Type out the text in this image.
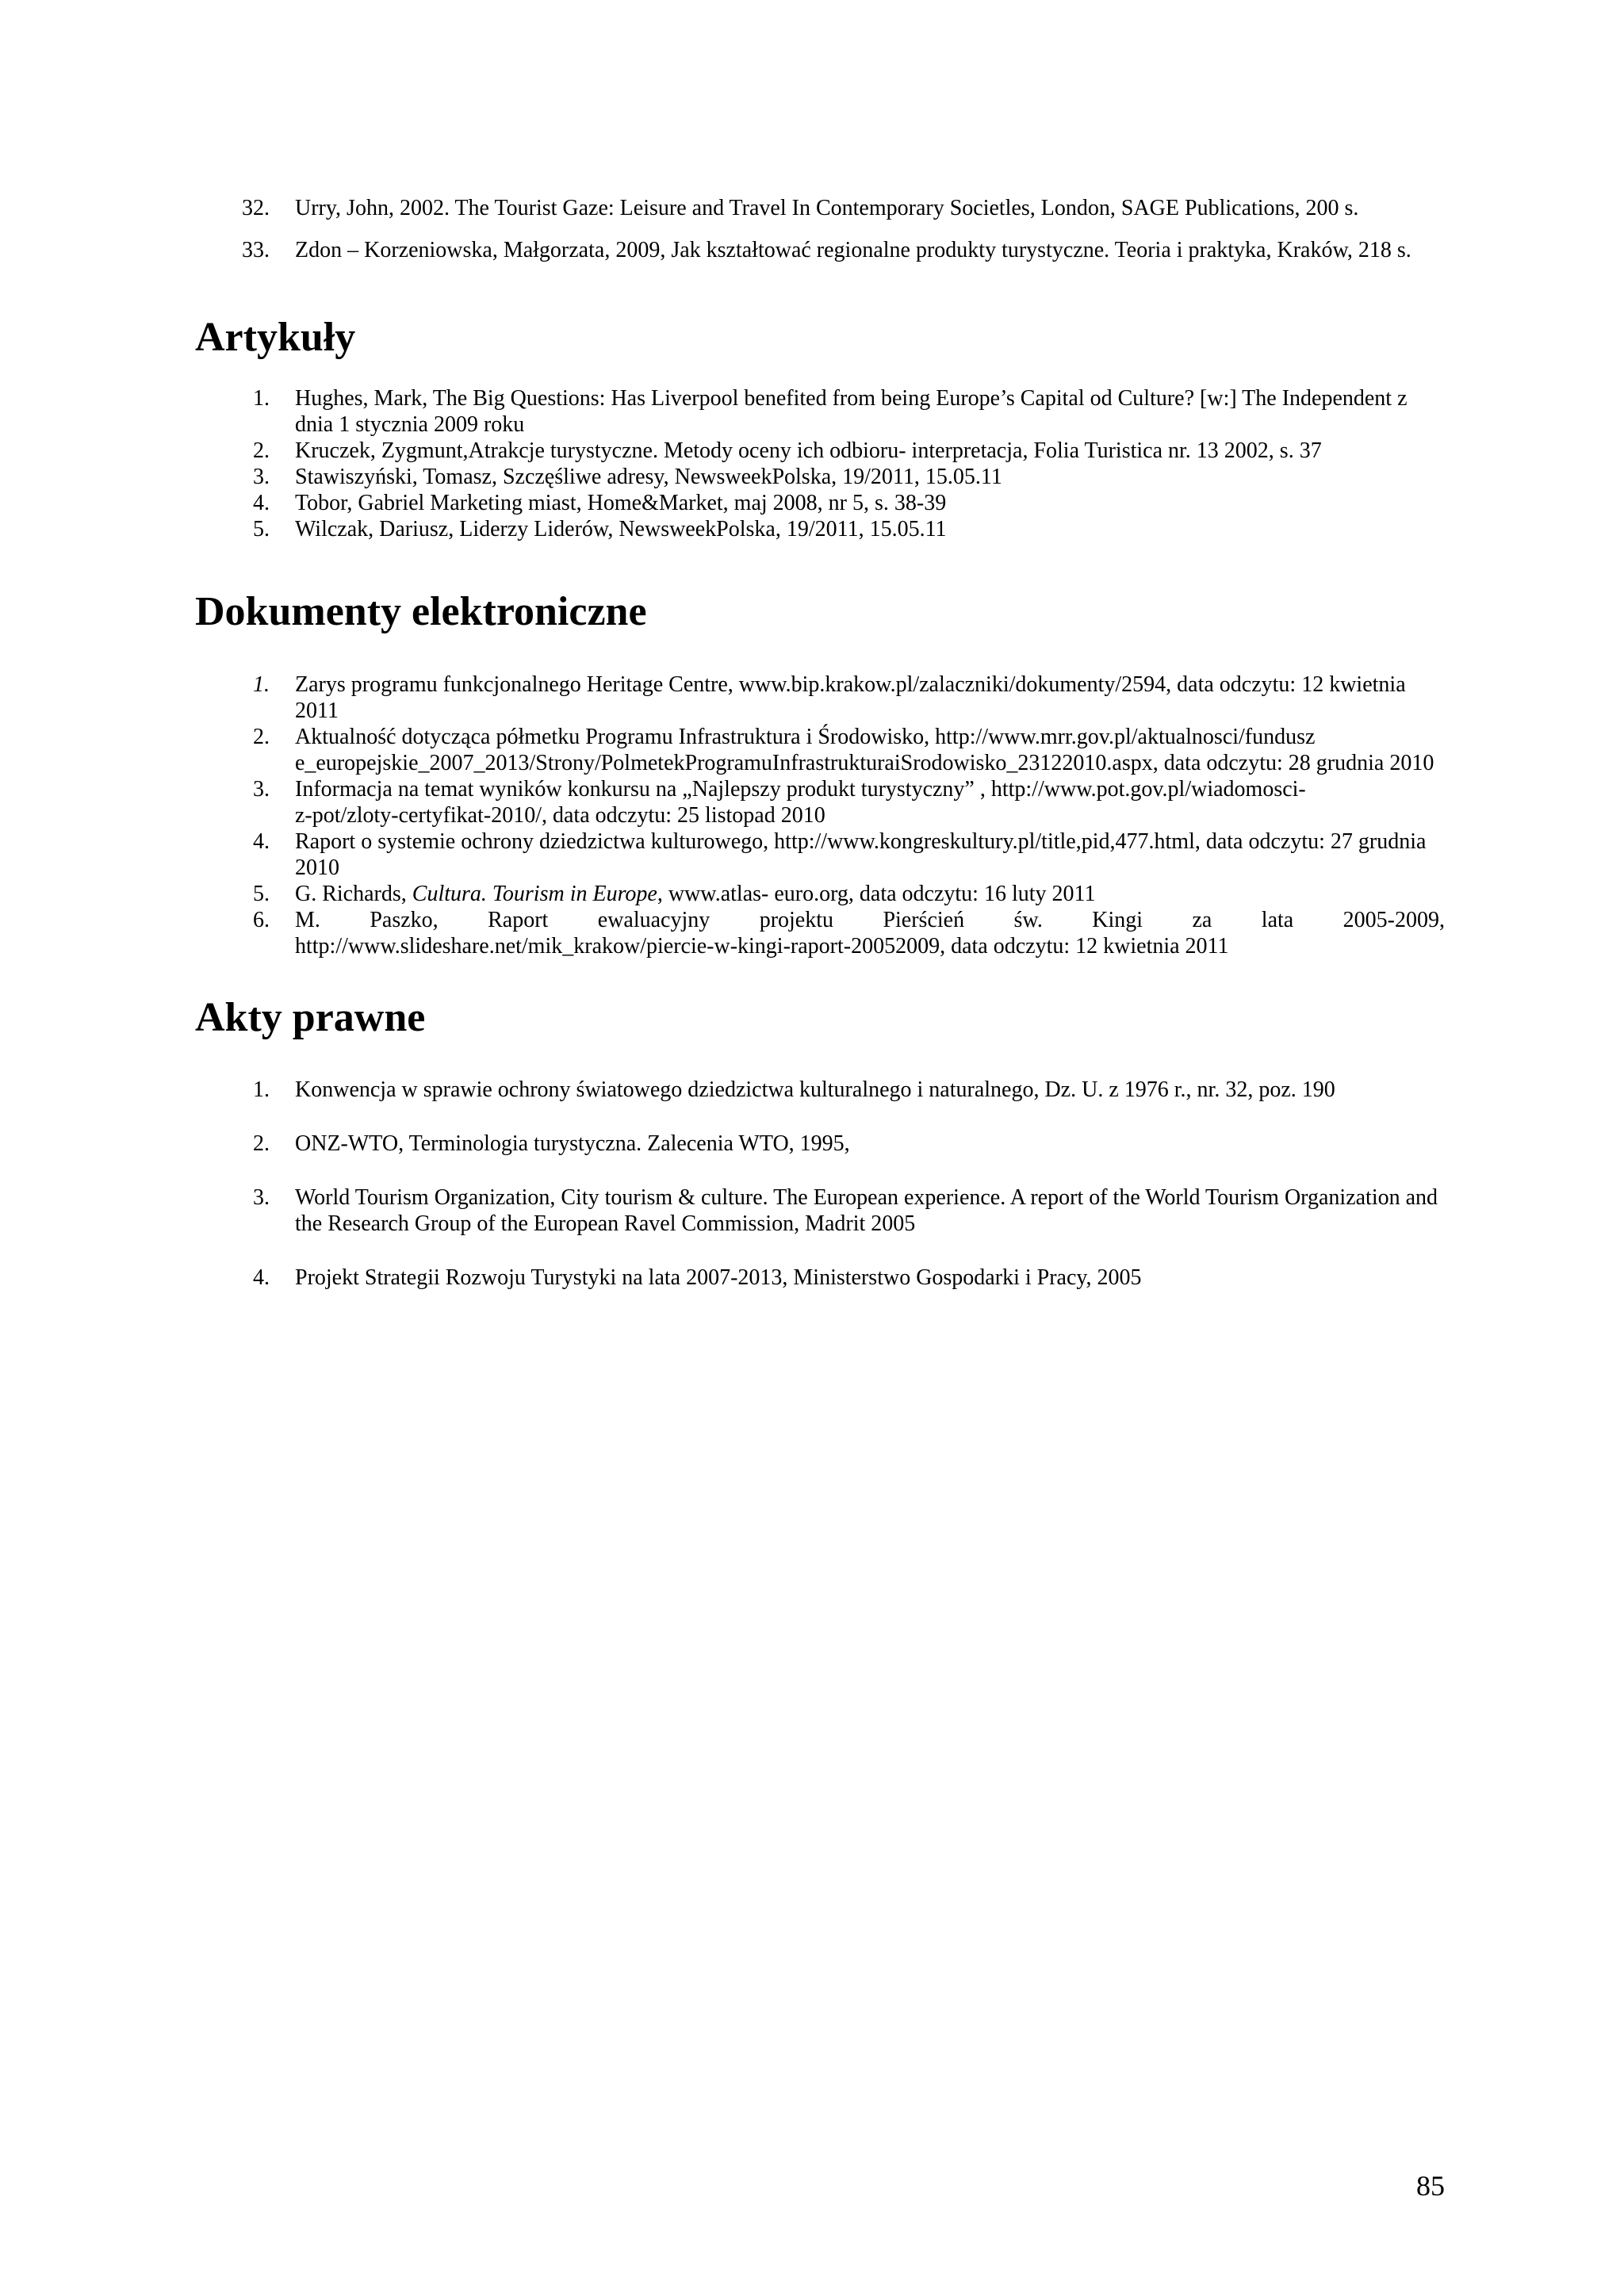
32.	Urry, John, 2002. The Tourist Gaze: Leisure and Travel In Contemporary Societles, London, SAGE Publications, 200 s.
33.	Zdon – Korzeniowska, Małgorzata, 2009, Jak kształtować regionalne produkty turystyczne. Teoria i praktyka, Kraków, 218 s.
Artykuły
1.	Hughes, Mark, The Big Questions: Has Liverpool benefited from being Europe’s Capital od Culture? [w:] The Independent z dnia 1 stycznia 2009 roku
2.	Kruczek, Zygmunt,Atrakcje turystyczne. Metody oceny ich odbioru- interpretacja, Folia Turistica nr. 13 2002, s. 37
3.	Stawiszyński, Tomasz, Szczęśliwe adresy, NewsweekPolska, 19/2011, 15.05.11
4.	Tobor, Gabriel Marketing miast, Home&Market, maj 2008, nr 5, s. 38-39
5.	Wilczak, Dariusz, Liderzy Liderów, NewsweekPolska, 19/2011, 15.05.11
Dokumenty elektroniczne
1.	Zarys programu funkcjonalnego Heritage Centre, www.bip.krakow.pl/zalaczniki/dokumenty/2594, data odczytu: 12 kwietnia 2011
2.	Aktualność dotycząca półmetku Programu Infrastruktura i Środowisko, http://www.mrr.gov.pl/aktualnosci/fundusz
e_europejskie_2007_2013/Strony/PolmetekProgramuInfrastrukturaiSrodowisko_23122010.aspx, data odczytu: 28 grudnia 2010
3.	Informacja na temat wyników konkursu na „Najlepszy produkt turystyczny” , http://www.pot.gov.pl/wiadomosci-
z-pot/zloty-certyfikat-2010/, data odczytu: 25 listopad 2010
4.	Raport o systemie ochrony dziedzictwa kulturowego, http://www.kongreskultury.pl/title,pid,477.html, data odczytu: 27 grudnia 2010
5.	G. Richards, Cultura. Tourism in Europe, www.atlas- euro.org, data odczytu: 16 luty 2011
6.	M. Paszko, Raport ewaluacyjny projektu Pierścień św. Kingi za lata 2005-2009,
http://www.slideshare.net/mik_krakow/piercie-w-kingi-raport-20052009, data odczytu: 12 kwietnia 2011
Akty prawne
1.	Konwencja w sprawie ochrony światowego dziedzictwa kulturalnego i naturalnego, Dz. U. z 1976 r., nr. 32, poz. 190
2.	ONZ-WTO, Terminologia turystyczna. Zalecenia WTO, 1995,
3.	World Tourism Organization, City tourism & culture. The European experience. A report of the World Tourism Organization and the Research Group of the European Ravel Commission, Madrit 2005
4.	Projekt Strategii Rozwoju Turystyki na lata 2007-2013, Ministerstwo Gospodarki i Pracy, 2005
85
